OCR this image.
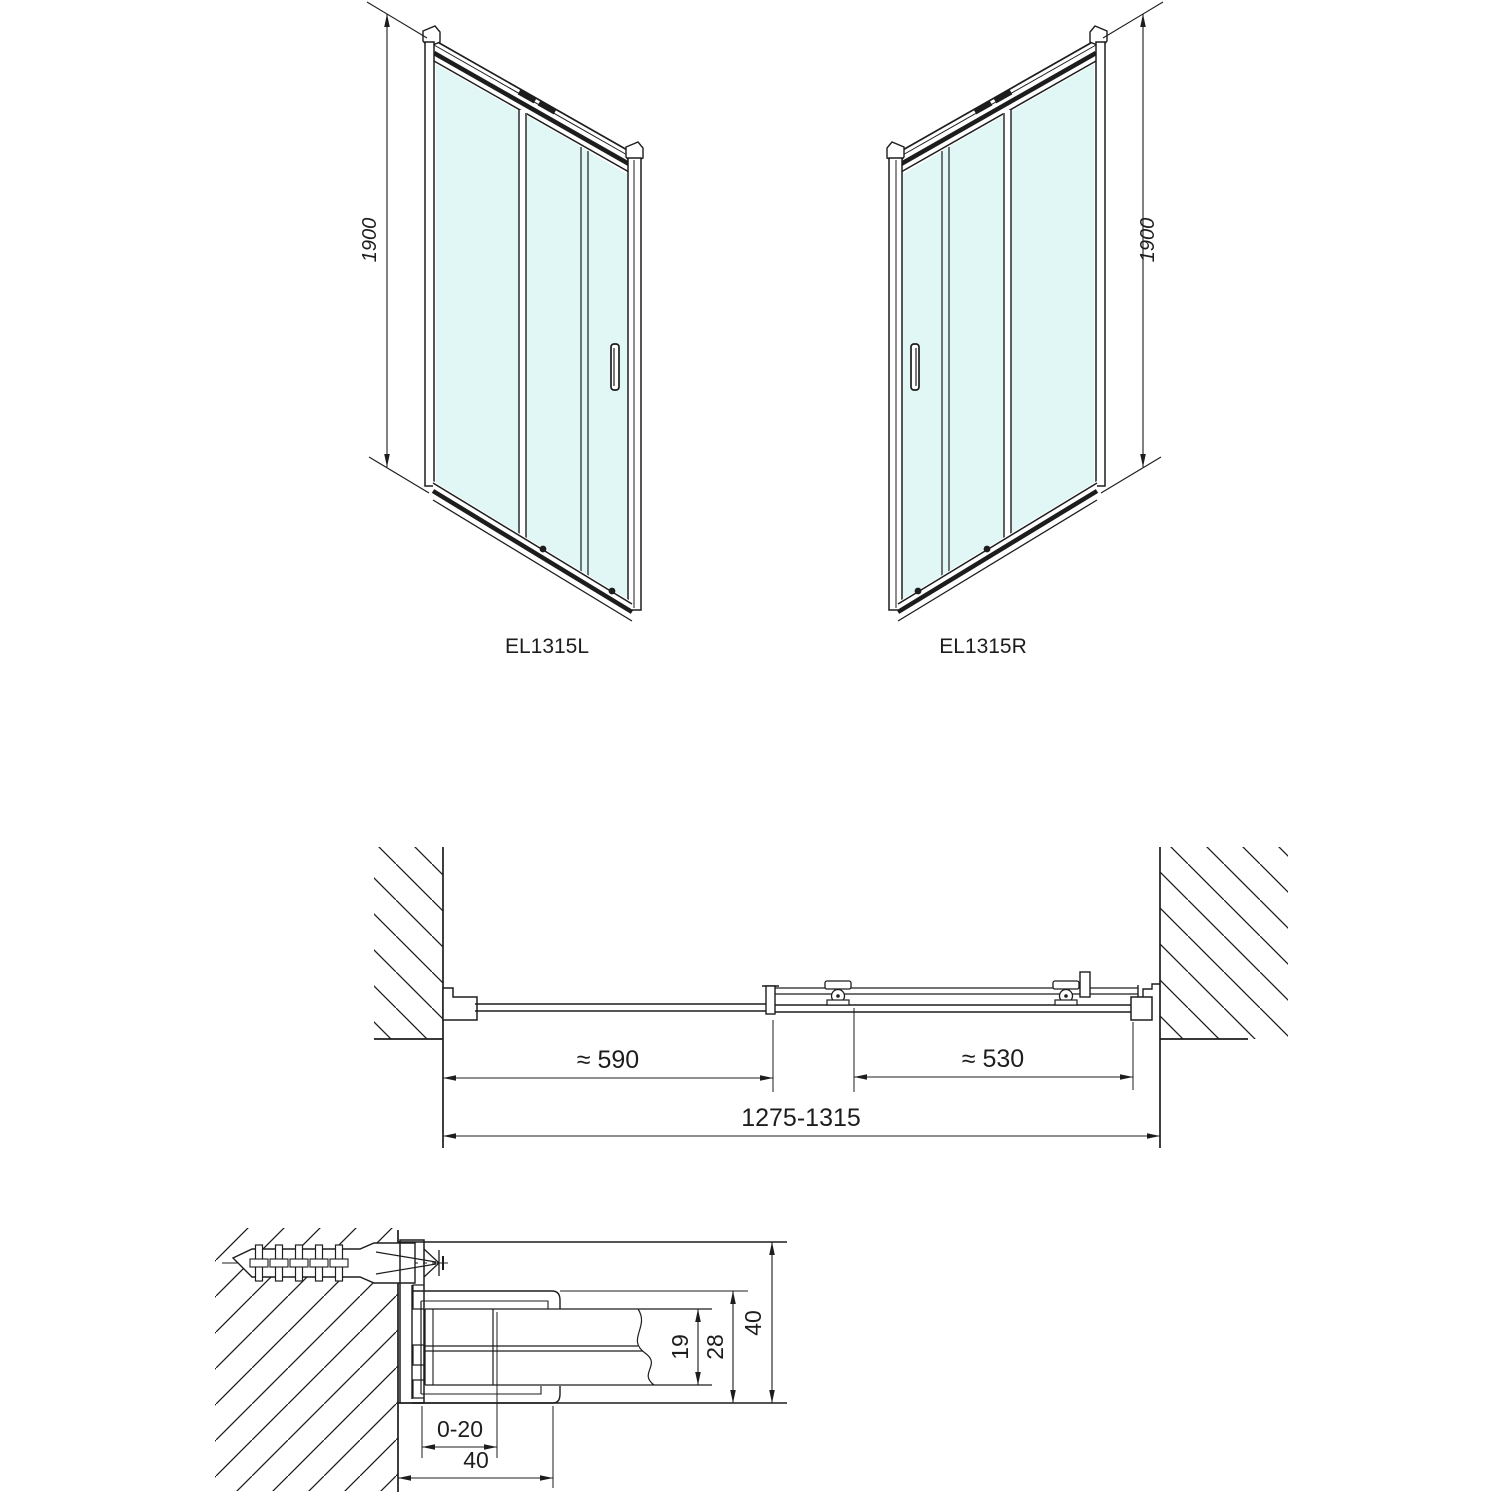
1900	1900
EL1315L	EL1315R
≈ 590	≈ 530
1275-1315
0-20
40
19 28
40
